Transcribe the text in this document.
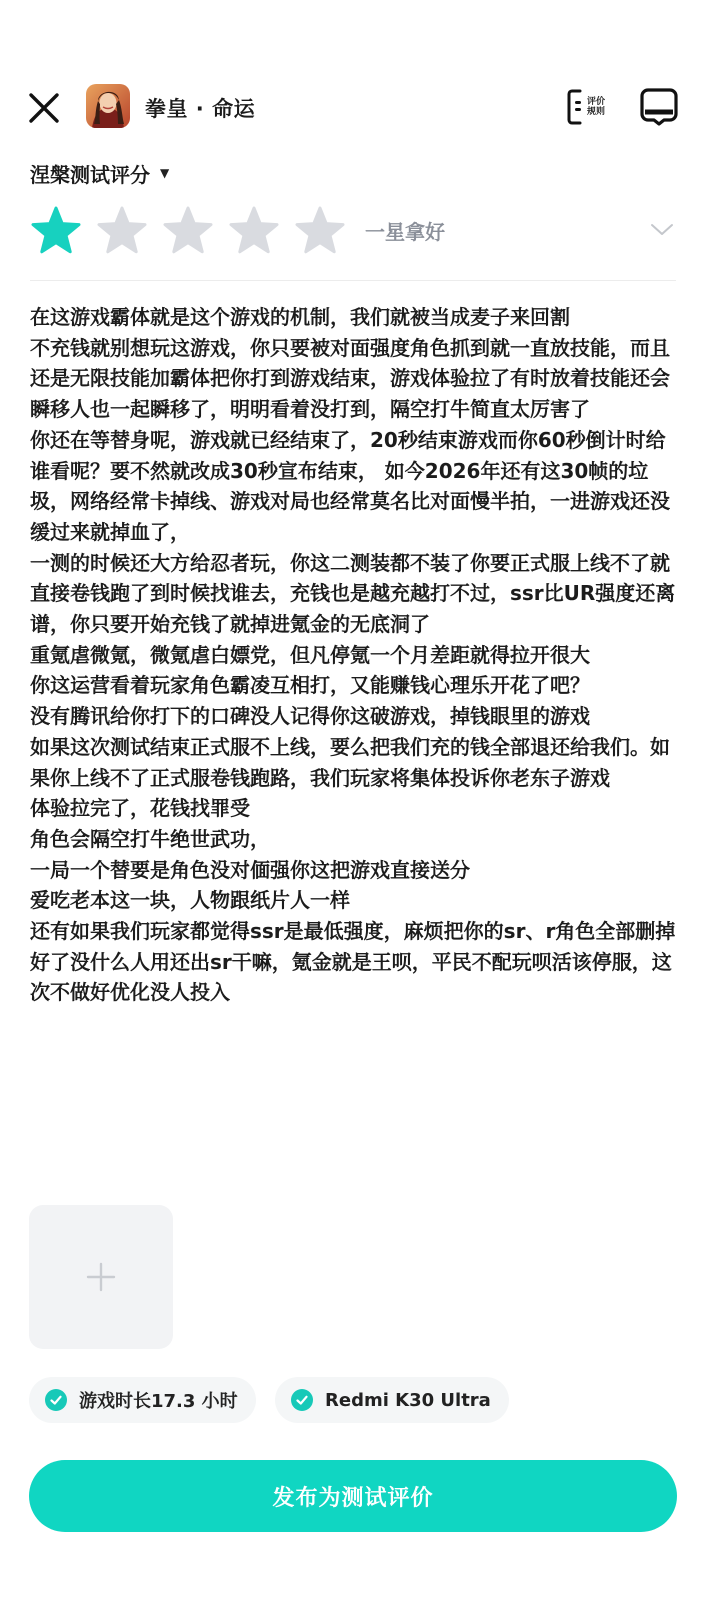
拳皇 · 命运	评价
规则
涅槃测试评分 ▼
一星拿好
在这游戏霸体就是这个游戏的机制，我们就被当成麦子来回割
不充钱就别想玩这游戏，你只要被对面强度角色抓到就一直放技能，而且还是无限技能加霸体把你打到游戏结束，游戏体验拉了有时放着技能还会瞬移人也一起瞬移了，明明看着没打到，隔空打牛简直太厉害了
你还在等替身呢，游戏就已经结束了，20秒结束游戏而你60秒倒计时给谁看呢？要不然就改成30秒宣布结束， 如今2026年还有这30帧的垃圾，网络经常卡掉线、游戏对局也经常莫名比对面慢半拍，一进游戏还没缓过来就掉血了，
一测的时候还大方给忍者玩，你这二测装都不装了你要正式服上线不了就直接卷钱跑了到时候找谁去，充钱也是越充越打不过，ssr比UR强度还离谱，你只要开始充钱了就掉进氪金的无底洞了
重氪虐微氪，微氪虐白嫖党，但凡停氪一个月差距就得拉开很大
你这运营看着玩家角色霸凌互相打，又能赚钱心理乐开花了吧？
没有腾讯给你打下的口碑没人记得你这破游戏，掉钱眼里的游戏
如果这次测试结束正式服不上线，要么把我们充的钱全部退还给我们。如果你上线不了正式服卷钱跑路，我们玩家将集体投诉你老东子游戏
体验拉完了，花钱找罪受
角色会隔空打牛绝世武功，
一局一个替要是角色没对偭强你这把游戏直接送分
爱吃老本这一块，人物跟纸片人一样
还有如果我们玩家都觉得ssr是最低强度，麻烦把你的sr、r角色全部删掉好了没什么人用还出sr干嘛，氪金就是王呗，平民不配玩呗活该停服，这次不做好优化没人投入
游戏时长17.3 小时	Redmi K30 Ultra
发布为测试评价
